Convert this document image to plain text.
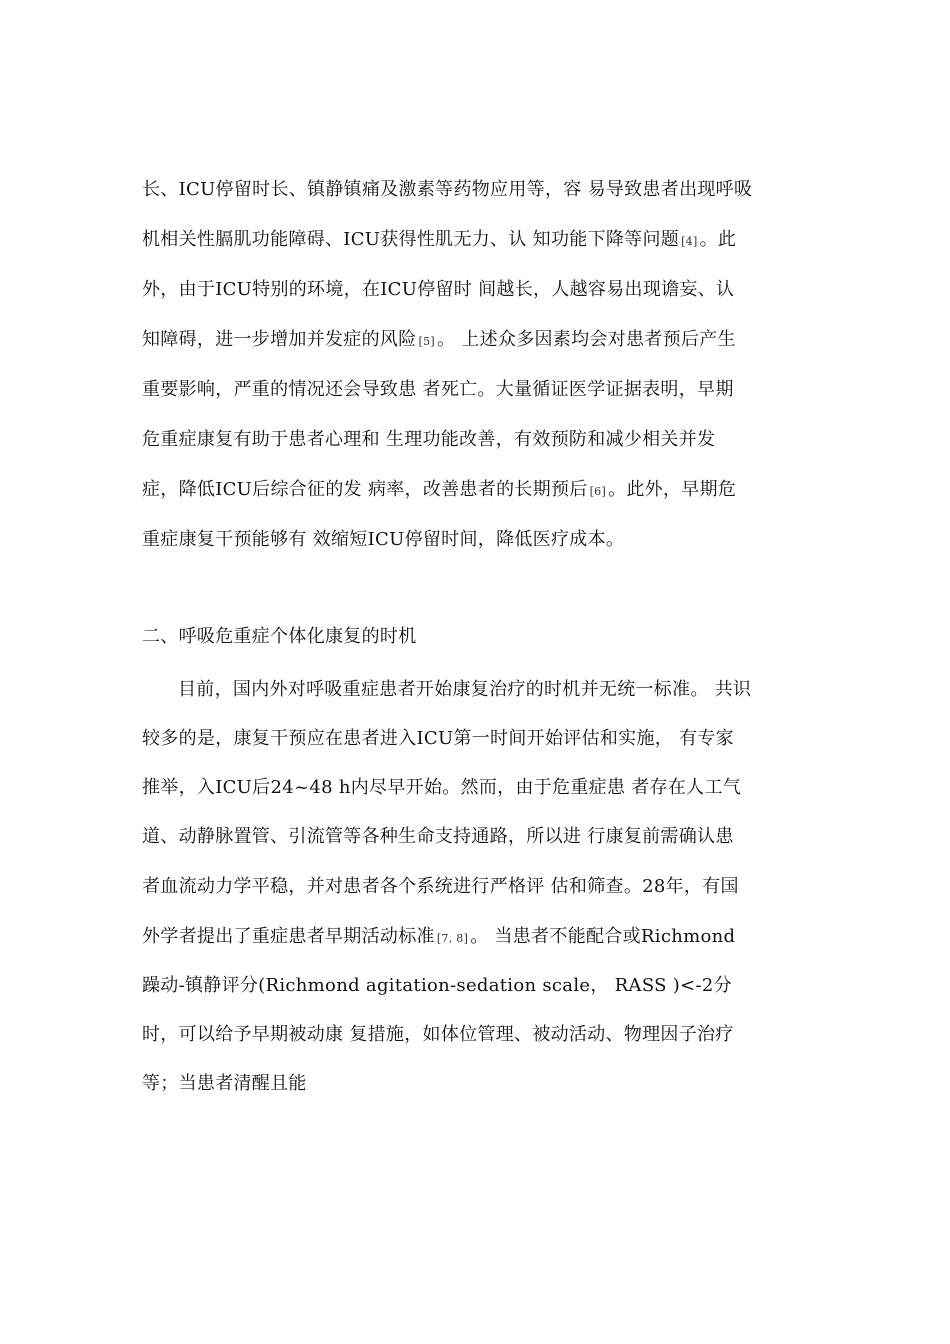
长、ICU停留时长、镇静镇痛及激素等药物应用等，容 易导致患者出现呼吸
机相关性膈肌功能障碍、ICU获得性肌无力、认 知功能下降等问题 [4] 。此
外，由于ICU特别的环境，在ICU停留时 间越长，人越容易出现谵妄、认
知障碍，进一步增加并发症的风险 [5] 。 上述众多因素均会对患者预后产生
重要影响，严重的情况还会导致患 者死亡。大量循证医学证据表明，早期
危重症康复有助于患者心理和 生理功能改善，有效预防和减少相关并发
症，降低ICU后综合征的发 病率，改善患者的长期预后 [6] 。此外，早期危
重症康复干预能够有 效缩短ICU停留时间，降低医疗成本。
二、呼吸危重症个体化康复的时机
目前，国内外对呼吸重症患者开始康复治疗的时机并无统一标准。 共识
较多的是，康复干预应在患者进入ICU第一时间开始评估和实施， 有专家
推举，入ICU后24~48 h内尽早开始。然而，由于危重症患 者存在人工气
道、动静脉置管、引流管等各种生命支持通路，所以进 行康复前需确认患
者血流动力学平稳，并对患者各个系统进行严格评 估和筛查。28年，有国
外学者提出了重症患者早期活动标准 [7, 8] 。 当患者不能配合或Richmond
躁动-镇静评分(Richmond agitation-sedation scale， RASS )<-2分
时，可以给予早期被动康 复措施，如体位管理、被动活动、物理因子治疗
等；当患者清醒且能
